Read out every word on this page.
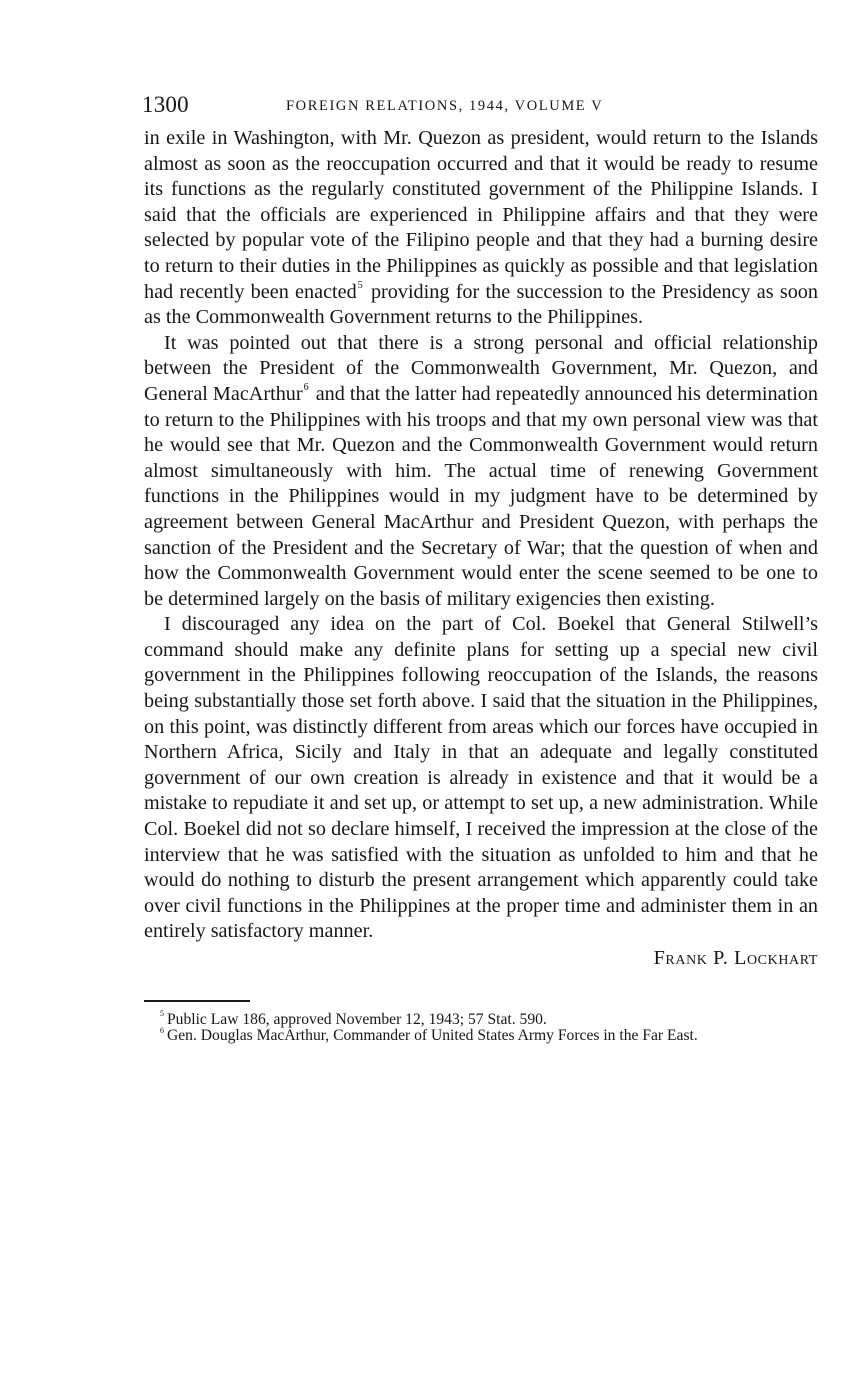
1300	FOREIGN RELATIONS, 1944, VOLUME V

in exile in Washington, with Mr. Quezon as president, would return to the Islands almost as soon as the reoccupation occurred and that it would be ready to resume its functions as the regularly constituted government of the Philippine Islands. I said that the officials are experienced in Philippine affairs and that they were selected by popular vote of the Filipino people and that they had a burning desire to return to their duties in the Philippines as quickly as possible and that legislation had recently been enacted$^5$ providing for the succession to the Presidency as soon as the Commonwealth Government returns to the Philippines.

It was pointed out that there is a strong personal and official relationship between the President of the Commonwealth Government, Mr. Quezon, and General MacArthur$^6$ and that the latter had repeatedly announced his determination to return to the Philippines with his troops and that my own personal view was that he would see that Mr. Quezon and the Commonwealth Government would return almost simultaneously with him. The actual time of renewing Government functions in the Philippines would in my judgment have to be determined by agreement between General MacArthur and President Quezon, with perhaps the sanction of the President and the Secretary of War; that the question of when and how the Commonwealth Government would enter the scene seemed to be one to be determined largely on the basis of military exigencies then existing.

I discouraged any idea on the part of Col. Boekel that General Stilwell’s command should make any definite plans for setting up a special new civil government in the Philippines following reoccupation of the Islands, the reasons being substantially those set forth above. I said that the situation in the Philippines, on this point, was distinctly different from areas which our forces have occupied in Northern Africa, Sicily and Italy in that an adequate and legally constituted government of our own creation is already in existence and that it would be a mistake to repudiate it and set up, or attempt to set up, a new administration. While Col. Boekel did not so declare himself, I received the impression at the close of the interview that he was satisfied with the situation as unfolded to him and that he would do nothing to disturb the present arrangement which apparently could take over civil functions in the Philippines at the proper time and administer them in an entirely satisfactory manner.

Frank P. Lockhart

$^5$ Public Law 186, approved November 12, 1943; 57 Stat. 590.

$^6$ Gen. Douglas MacArthur, Commander of United States Army Forces in the Far East.
